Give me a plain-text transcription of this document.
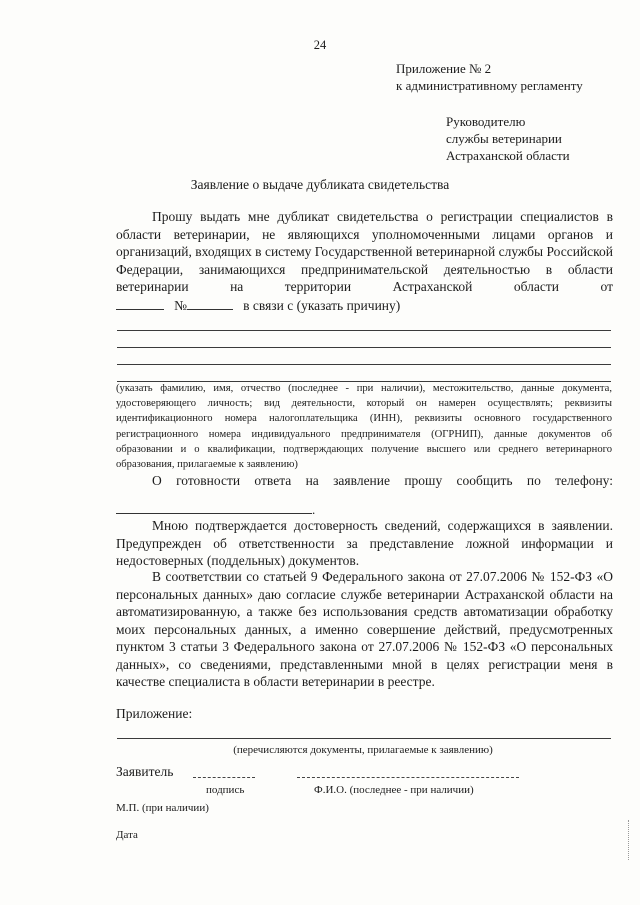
24
Приложение № 2
к административному регламенту
Руководителю
службы ветеринарии
Астраханской области
Заявление о выдаче дубликата свидетельства
Прошу выдать мне дубликат свидетельства о регистрации специалистов в области ветеринарии, не являющихся уполномоченными лицами органов и организаций, входящих в систему Государственной ветеринарной службы Российской Федерации, занимающихся предпринимательской деятельностью в области ветеринарии на территории Астраханской области от
№	в связи с (указать причину)
(указать фамилию, имя, отчество (последнее - при наличии), местожительство, данные документа, удостоверяющего личность; вид деятельности, который он намерен осуществлять; реквизиты идентификационного номера налогоплательщика (ИНН), реквизиты основного государственного регистрационного номера индивидуального предпринимателя (ОГРНИП), данные документов об образовании и о квалификации, подтверждающих получение высшего или среднего ветеринарного образования, прилагаемые к заявлению)
О готовности ответа на заявление прошу сообщить по телефону:
.
Мною подтверждается достоверность сведений, содержащихся в заявлении. Предупрежден об ответственности за представление ложной информации и недостоверных (поддельных) документов.
В соответствии со статьей 9 Федерального закона от 27.07.2006 № 152-ФЗ «О персональных данных» даю согласие службе ветеринарии Астраханской области на автоматизированную, а также без использования средств автоматизации обработку моих персональных данных, а именно совершение действий, предусмотренных пунктом 3 статьи 3 Федерального закона от 27.07.2006 № 152-ФЗ «О персональных данных», со сведениями, представленными мной в целях регистрации меня в качестве специалиста в области ветеринарии в реестре.
Приложение:
(перечисляются документы, прилагаемые к заявлению)
Заявитель
подпись	Ф.И.О. (последнее - при наличии)
М.П. (при наличии)
Дата
